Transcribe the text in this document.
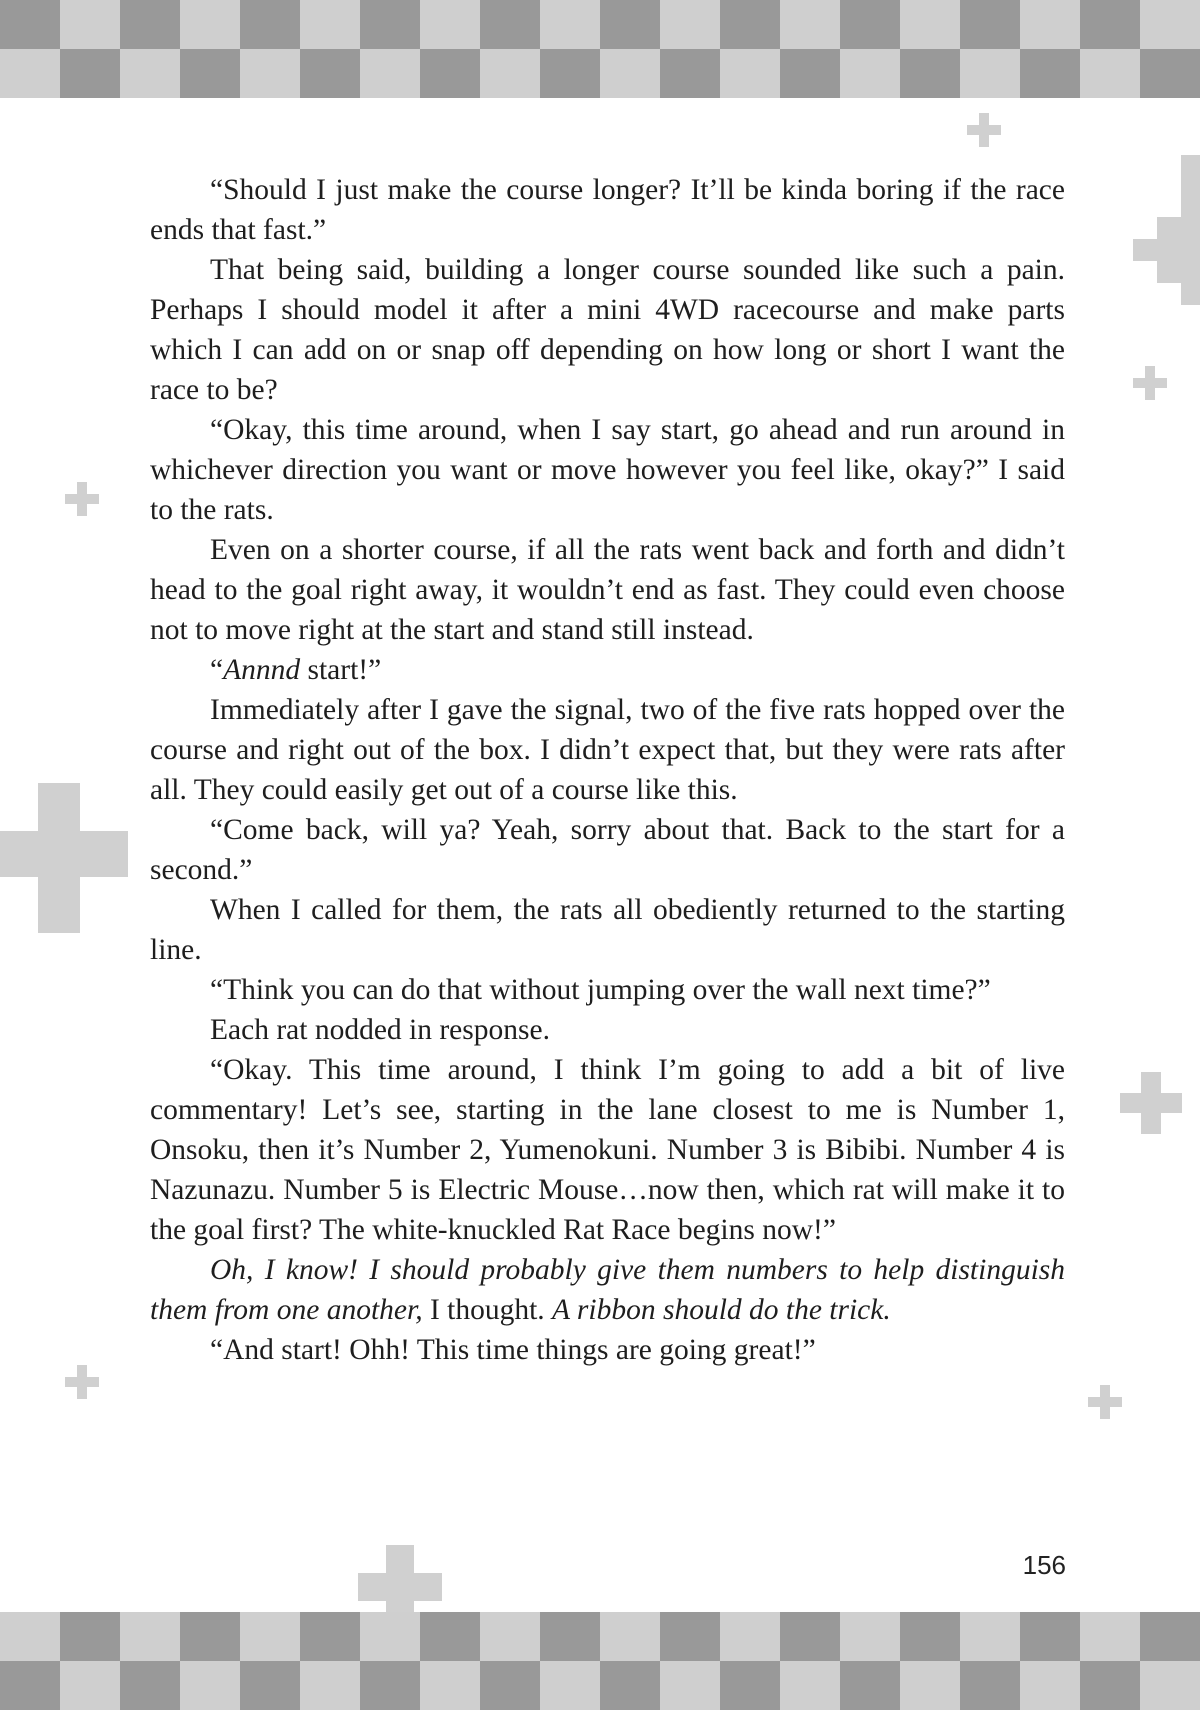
“Should I just make the course longer? It’ll be kinda boring if the race ends that fast.”

That being said, building a longer course sounded like such a pain. Perhaps I should model it after a mini 4WD racecourse and make parts which I can add on or snap off depending on how long or short I want the race to be?

“Okay, this time around, when I say start, go ahead and run around in whichever direction you want or move however you feel like, okay?” I said to the rats.

Even on a shorter course, if all the rats went back and forth and didn’t head to the goal right away, it wouldn’t end as fast. They could even choose not to move right at the start and stand still instead.

“Annnd start!”

Immediately after I gave the signal, two of the five rats hopped over the course and right out of the box. I didn’t expect that, but they were rats after all. They could easily get out of a course like this.

“Come back, will ya? Yeah, sorry about that. Back to the start for a second.”

When I called for them, the rats all obediently returned to the starting line.

“Think you can do that without jumping over the wall next time?”

Each rat nodded in response.

“Okay. This time around, I think I’m going to add a bit of live commentary! Let’s see, starting in the lane closest to me is Number 1, Onsoku, then it’s Number 2, Yumenokuni. Number 3 is Bibibi. Number 4 is Nazunazu. Number 5 is Electric Mouse…now then, which rat will make it to the goal first? The white-knuckled Rat Race begins now!”

Oh, I know! I should probably give them numbers to help distinguish them from one another, I thought. A ribbon should do the trick.

“And start! Ohh! This time things are going great!”

156
